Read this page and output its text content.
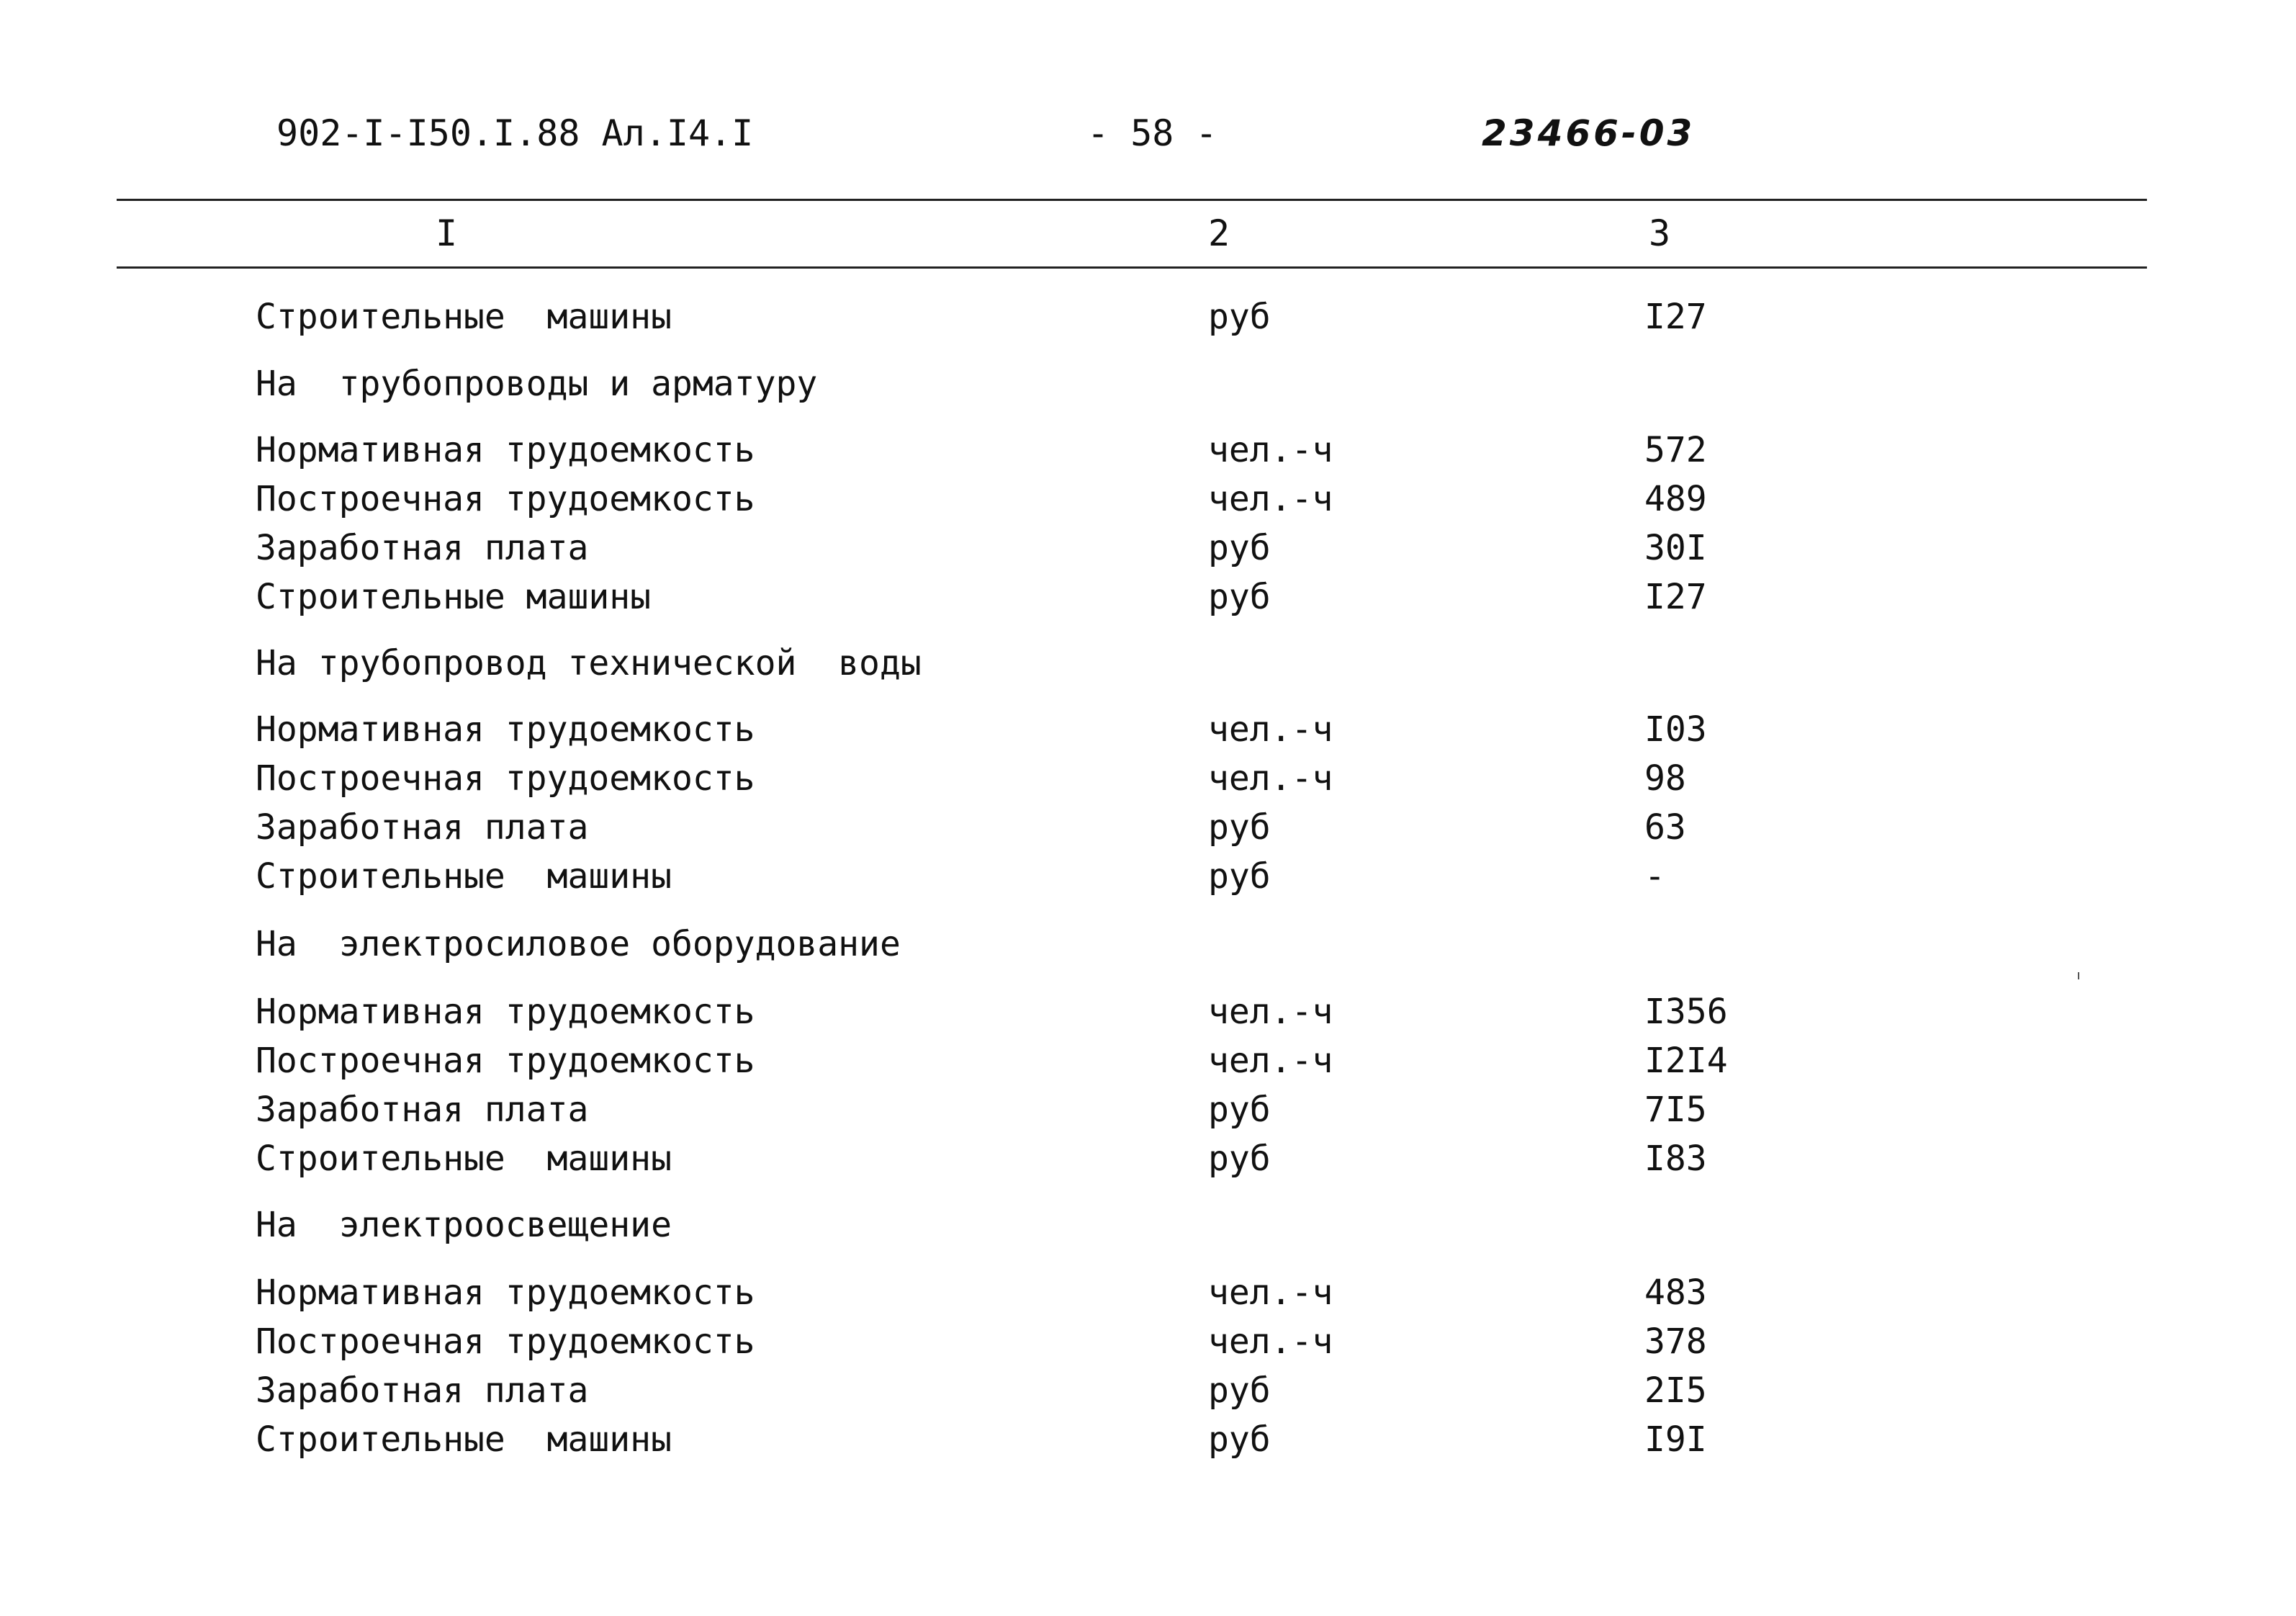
902-I-I50.I.88 Ал.I4.I	- 58 -	23466-03
I	2	3
Строительные  машины	руб	I27
На  трубопроводы и арматуру
Нормативная трудоемкость	чел.-ч	572
Построечная трудоемкость	чел.-ч	489
Заработная плата	руб	30I
Строительные машины	руб	I27
На трубопровод технической  воды
Нормативная трудоемкость	чел.-ч	I03
Построечная трудоемкость	чел.-ч	98
Заработная плата	руб	63
Строительные  машины	руб	-
На  электросиловое оборудование
Нормативная трудоемкость	чел.-ч	I356
Построечная трудоемкость	чел.-ч	I2I4
Заработная плата	руб	7I5
Строительные  машины	руб	I83
На  электроосвещение
Нормативная трудоемкость	чел.-ч	483
Построечная трудоемкость	чел.-ч	378
Заработная плата	руб	2I5
Строительные  машины	руб	I9I
